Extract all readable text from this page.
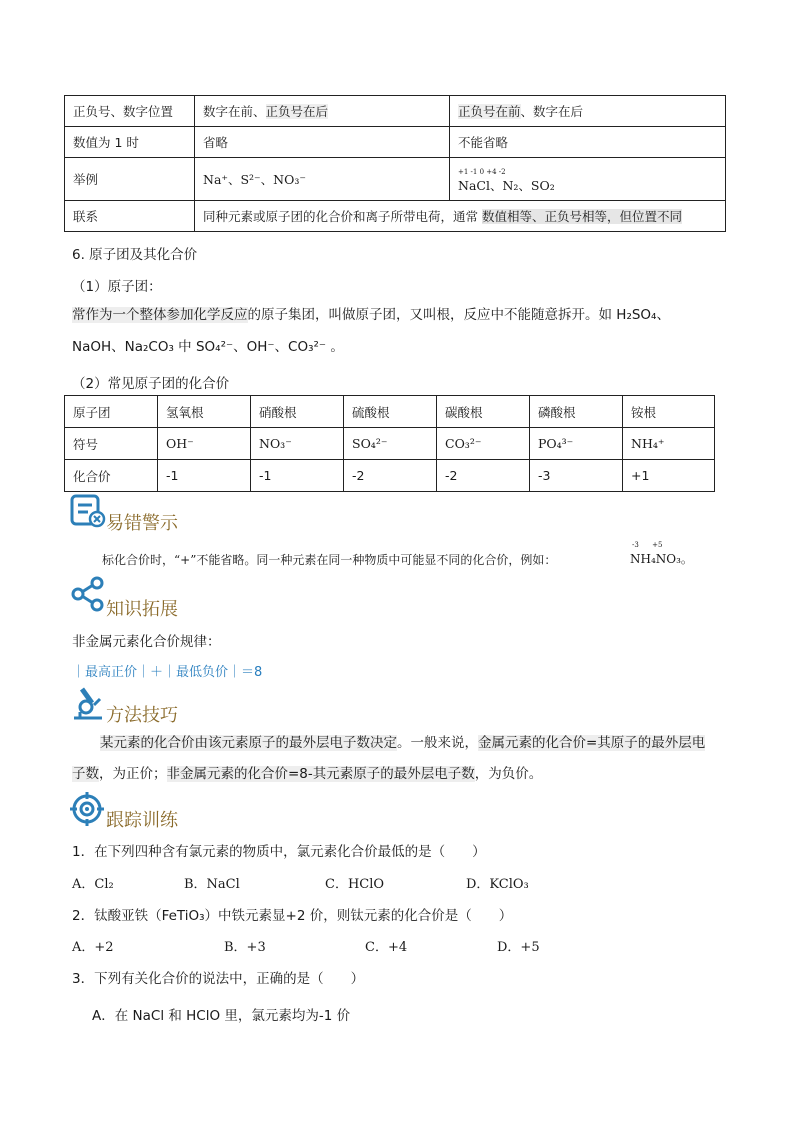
正负号、数字位置	数字在前、正负号在后	正负号在前、数字在后
数值为 1 时	省略	不能省略
举例	Na⁺、S²⁻、NO₃⁻	+1 -1 0 +4 -2
NaCl、N₂、SO₂

联系	同种元素或原子团的化合价和离子所带电荷，通常 数值相等、正负号相等，但位置不同	
6. 原子团及其化合价
（1）原子团：
常作为一个整体参加化学反应的原子集团，叫做原子团，又叫根，反应中不能随意拆开。如 H₂SO₄、
NaOH、Na₂CO₃ 中 SO₄²⁻、OH⁻、CO₃²⁻ 。
（2）常见原子团的化合价
原子团	氢氧根	硝酸根	硫酸根	碳酸根	磷酸根	铵根
符号	OH⁻	NO₃⁻	SO₄²⁻	CO₃²⁻	PO₄³⁻	NH₄⁺
化合价	-1	-1	-2	-2	-3	+1
易错警示
标化合价时，“+”不能省略。同一种元素在同一种物质中可能显不同的化合价，例如：
-3      +5
NH₄NO₃。
知识拓展
非金属元素化合价规律：
｜最高正价｜＋｜最低负价｜＝8
方法技巧
某元素的化合价由该元素原子的最外层电子数决定。一般来说，金属元素的化合价=其原子的最外层电
子数，为正价；非金属元素的化合价=8-其元素原子的最外层电子数，为负价。
跟踪训练
1．在下列四种含有氯元素的物质中，氯元素化合价最低的是（　　）
A．Cl₂	B．NaCl	C．HClO	D．KClO₃
2．钛酸亚铁（FeTiO₃）中铁元素显+2 价，则钛元素的化合价是（　　）
A．+2	B．+3	C．+4	D．+5
3．下列有关化合价的说法中，正确的是（　　）
A．在 NaCl 和 HClO 里，氯元素均为-1 价
